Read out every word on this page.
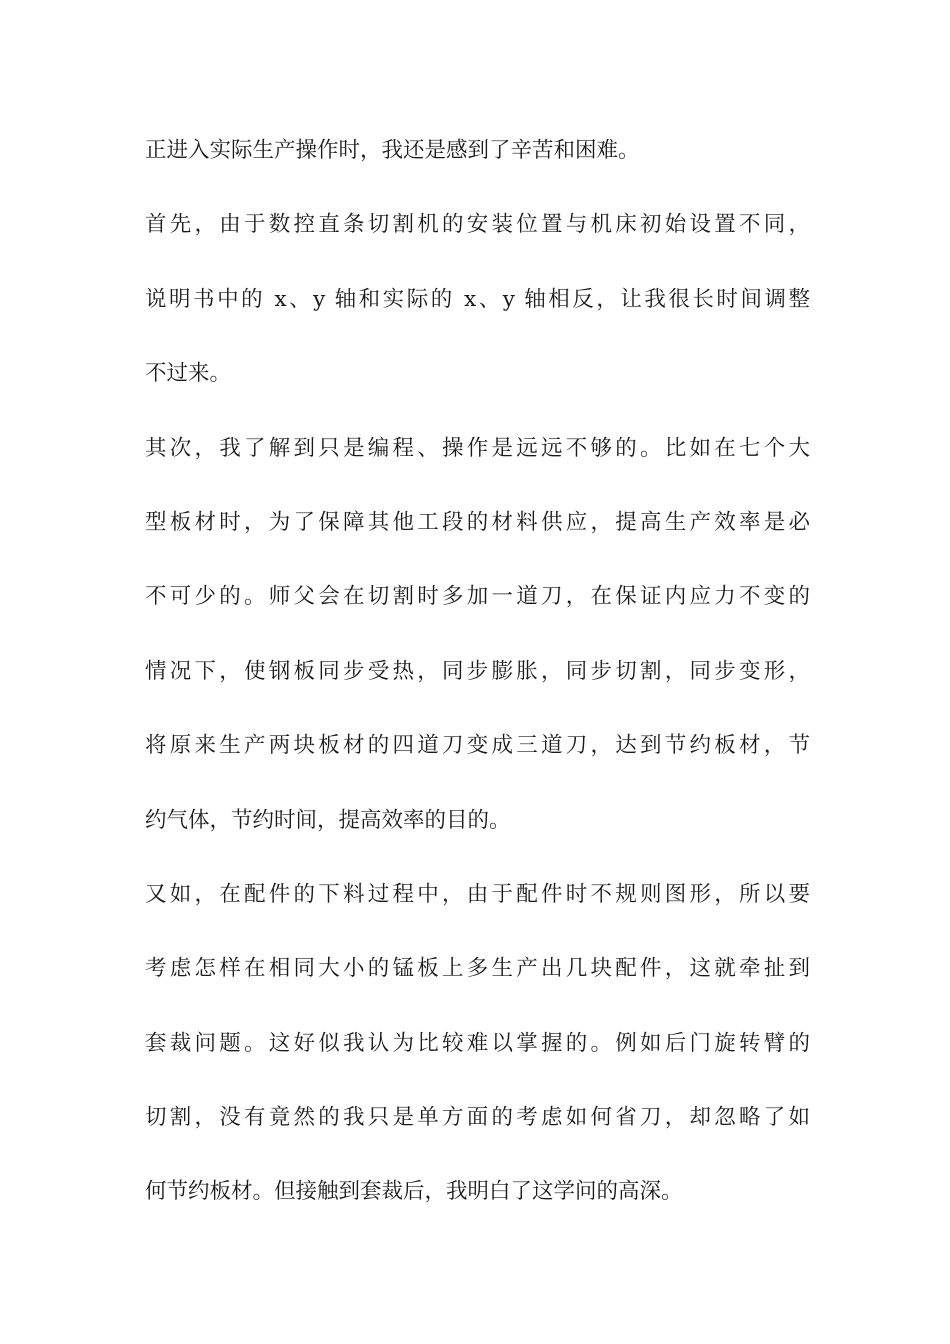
正进入实际生产操作时，我还是感到了辛苦和困难。
首先，由于数控直条切割机的安装位置与机床初始设置不同，
说明书中的 x、y 轴和实际的 x、y 轴相反，让我很长时间调整
不过来。
其次，我了解到只是编程、操作是远远不够的。比如在七个大
型板材时，为了保障其他工段的材料供应，提高生产效率是必
不可少的。师父会在切割时多加一道刀，在保证内应力不变的
情况下，使钢板同步受热，同步膨胀，同步切割，同步变形，
将原来生产两块板材的四道刀变成三道刀，达到节约板材，节
约气体，节约时间，提高效率的目的。
又如，在配件的下料过程中，由于配件时不规则图形，所以要
考虑怎样在相同大小的锰板上多生产出几块配件，这就牵扯到
套裁问题。这好似我认为比较难以掌握的。例如后门旋转臂的
切割，没有竟然的我只是单方面的考虑如何省刀，却忽略了如
何节约板材。但接触到套裁后，我明白了这学问的高深。
